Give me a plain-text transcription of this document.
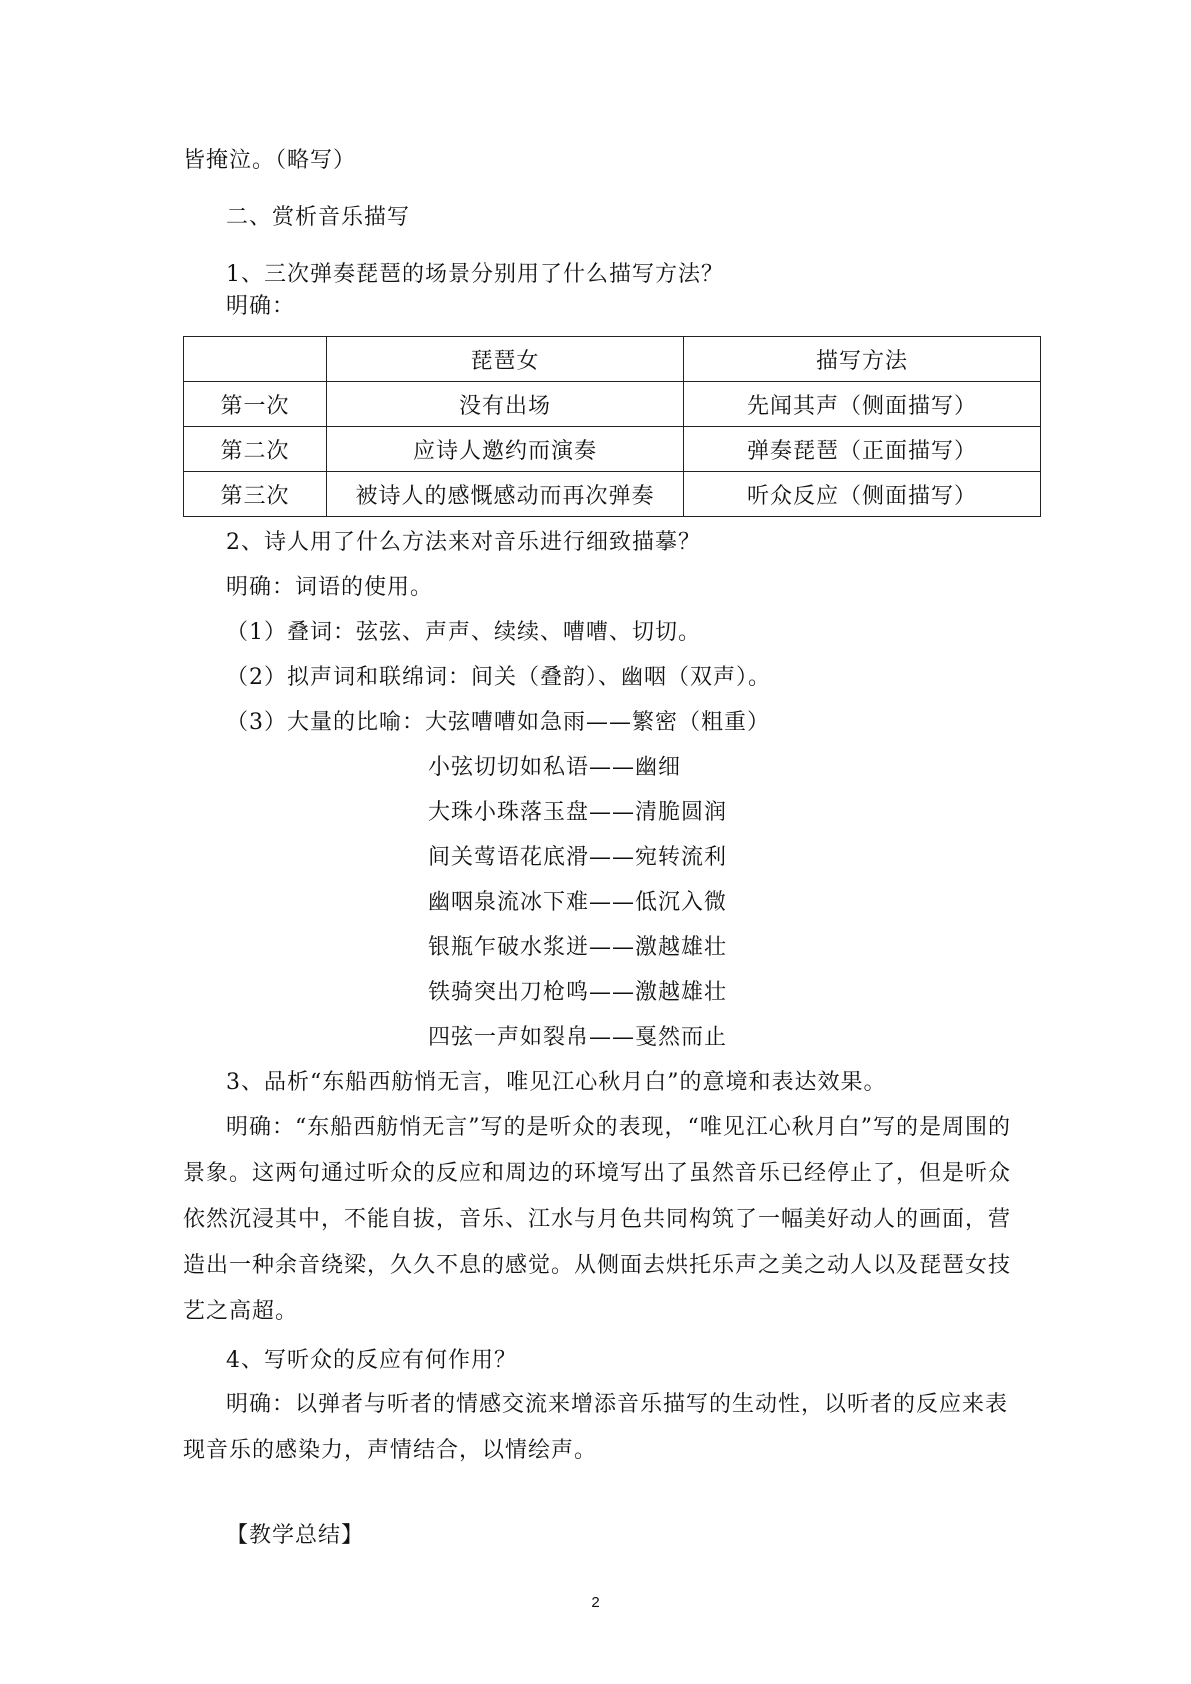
皆掩泣。（略写）
二、赏析音乐描写
1、三次弹奏琵琶的场景分别用了什么描写方法？
明确：
	琵琶女	描写方法
第一次	没有出场	先闻其声（侧面描写）
第二次	应诗人邀约而演奏	弹奏琵琶（正面描写）
第三次	被诗人的感慨感动而再次弹奏	听众反应（侧面描写）
2、诗人用了什么方法来对音乐进行细致描摹？
明确：词语的使用。
（1）叠词：弦弦、声声、续续、嘈嘈、切切。
（2）拟声词和联绵词：间关（叠韵）、幽咽（双声）。
（3）大量的比喻：大弦嘈嘈如急雨——繁密（粗重）
小弦切切如私语——幽细
大珠小珠落玉盘——清脆圆润
间关莺语花底滑——宛转流利
幽咽泉流冰下难——低沉入微
银瓶乍破水浆迸——激越雄壮
铁骑突出刀枪鸣——激越雄壮
四弦一声如裂帛——戛然而止
3、品析“东船西舫悄无言，唯见江心秋月白”的意境和表达效果。
明确：“东船西舫悄无言”写的是听众的表现，“唯见江心秋月白”写的是周围的景象。这两句通过听众的反应和周边的环境写出了虽然音乐已经停止了，但是听众依然沉浸其中，不能自拔，音乐、江水与月色共同构筑了一幅美好动人的画面，营造出一种余音绕梁，久久不息的感觉。从侧面去烘托乐声之美之动人以及琵琶女技艺之高超。
4、写听众的反应有何作用？
明确：以弹者与听者的情感交流来增添音乐描写的生动性，以听者的反应来表现音乐的感染力，声情结合，以情绘声。
【教学总结】
2
